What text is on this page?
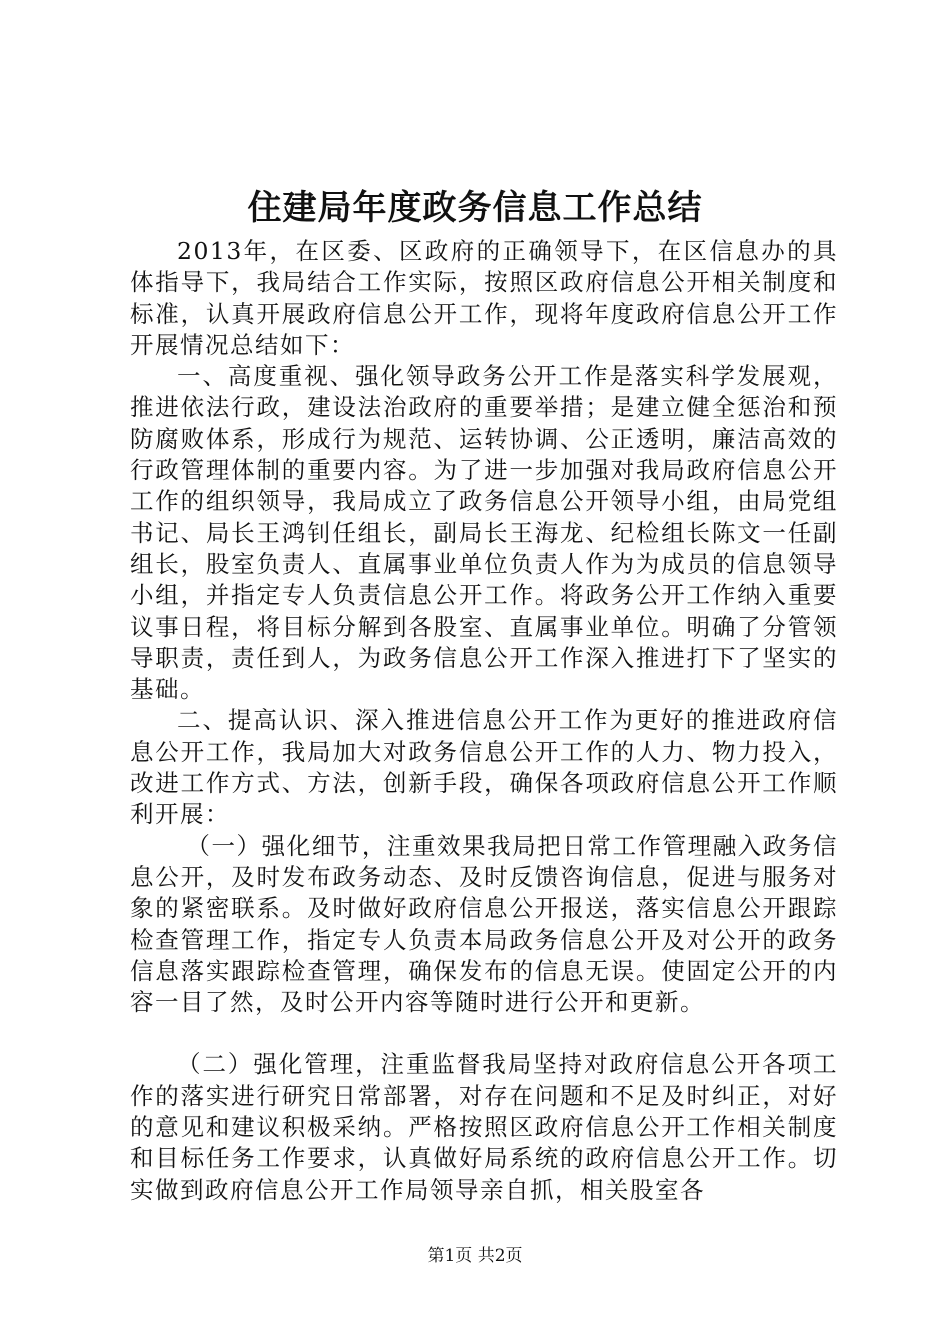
住建局年度政务信息工作总结

2013年，在区委、区政府的正确领导下，在区信息办的具体指导下，我局结合工作实际，按照区政府信息公开相关制度和标准，认真开展政府信息公开工作，现将年度政府信息公开工作开展情况总结如下：

一、高度重视、强化领导政务公开工作是落实科学发展观，推进依法行政，建设法治政府的重要举措；是建立健全惩治和预防腐败体系，形成行为规范、运转协调、公正透明，廉洁高效的行政管理体制的重要内容。为了进一步加强对我局政府信息公开工作的组织领导，我局成立了政务信息公开领导小组，由局党组书记、局长王鸿钊任组长，副局长王海龙、纪检组长陈文一任副组长，股室负责人、直属事业单位负责人作为为成员的信息领导小组，并指定专人负责信息公开工作。将政务公开工作纳入重要议事日程，将目标分解到各股室、直属事业单位。明确了分管领导职责，责任到人，为政务信息公开工作深入推进打下了坚实的基础。

二、提高认识、深入推进信息公开工作为更好的推进政府信息公开工作，我局加大对政务信息公开工作的人力、物力投入，改进工作方式、方法，创新手段，确保各项政府信息公开工作顺利开展：

（一）强化细节，注重效果我局把日常工作管理融入政务信息公开，及时发布政务动态、及时反馈咨询信息，促进与服务对象的紧密联系。及时做好政府信息公开报送，落实信息公开跟踪检查管理工作，指定专人负责本局政务信息公开及对公开的政务信息落实跟踪检查管理，确保发布的信息无误。使固定公开的内容一目了然，及时公开内容等随时进行公开和更新。

（二）强化管理，注重监督我局坚持对政府信息公开各项工作的落实进行研究日常部署，对存在问题和不足及时纠正，对好的意见和建议积极采纳。严格按照区政府信息公开工作相关制度和目标任务工作要求，认真做好局系统的政府信息公开工作。切实做到政府信息公开工作局领导亲自抓，相关股室各

第1页 共2页
